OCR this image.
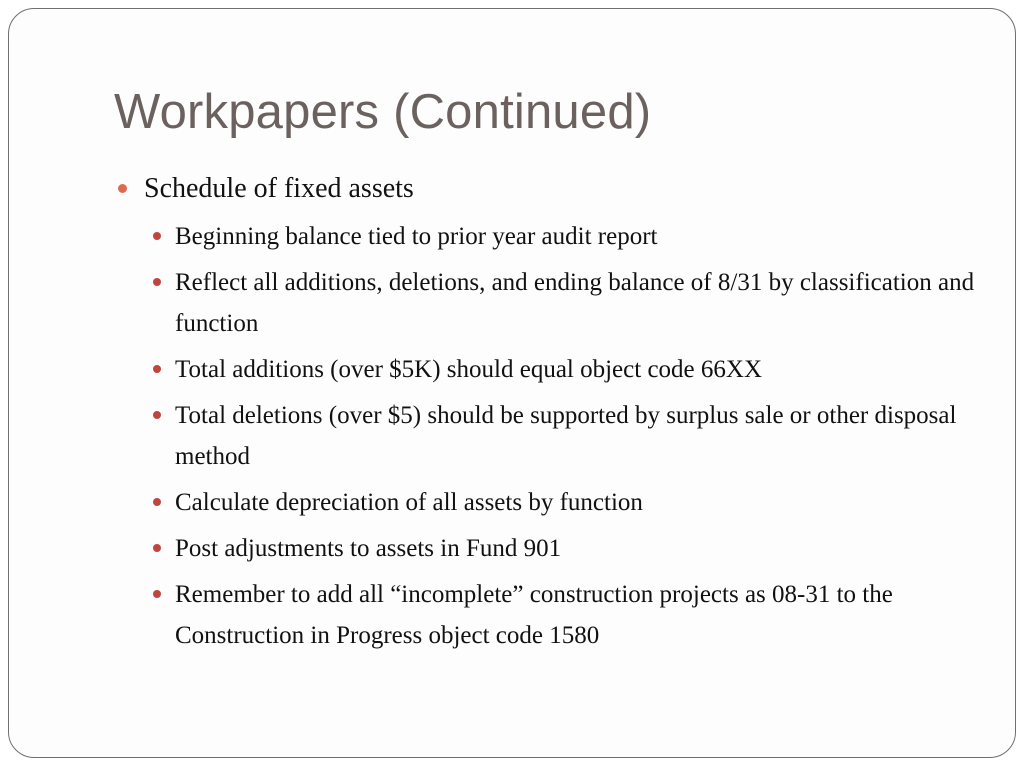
Workpapers (Continued)
Schedule of fixed assets
Beginning balance tied to prior year audit report
Reflect all additions, deletions, and ending balance of 8/31 by classification and function
Total additions (over $5K) should equal object code 66XX
Total deletions (over $5) should be supported by surplus sale or other disposal method
Calculate depreciation of all assets by function
Post adjustments to assets in Fund 901
Remember to add all “incomplete” construction projects as 08-31 to the Construction in Progress object code 1580
